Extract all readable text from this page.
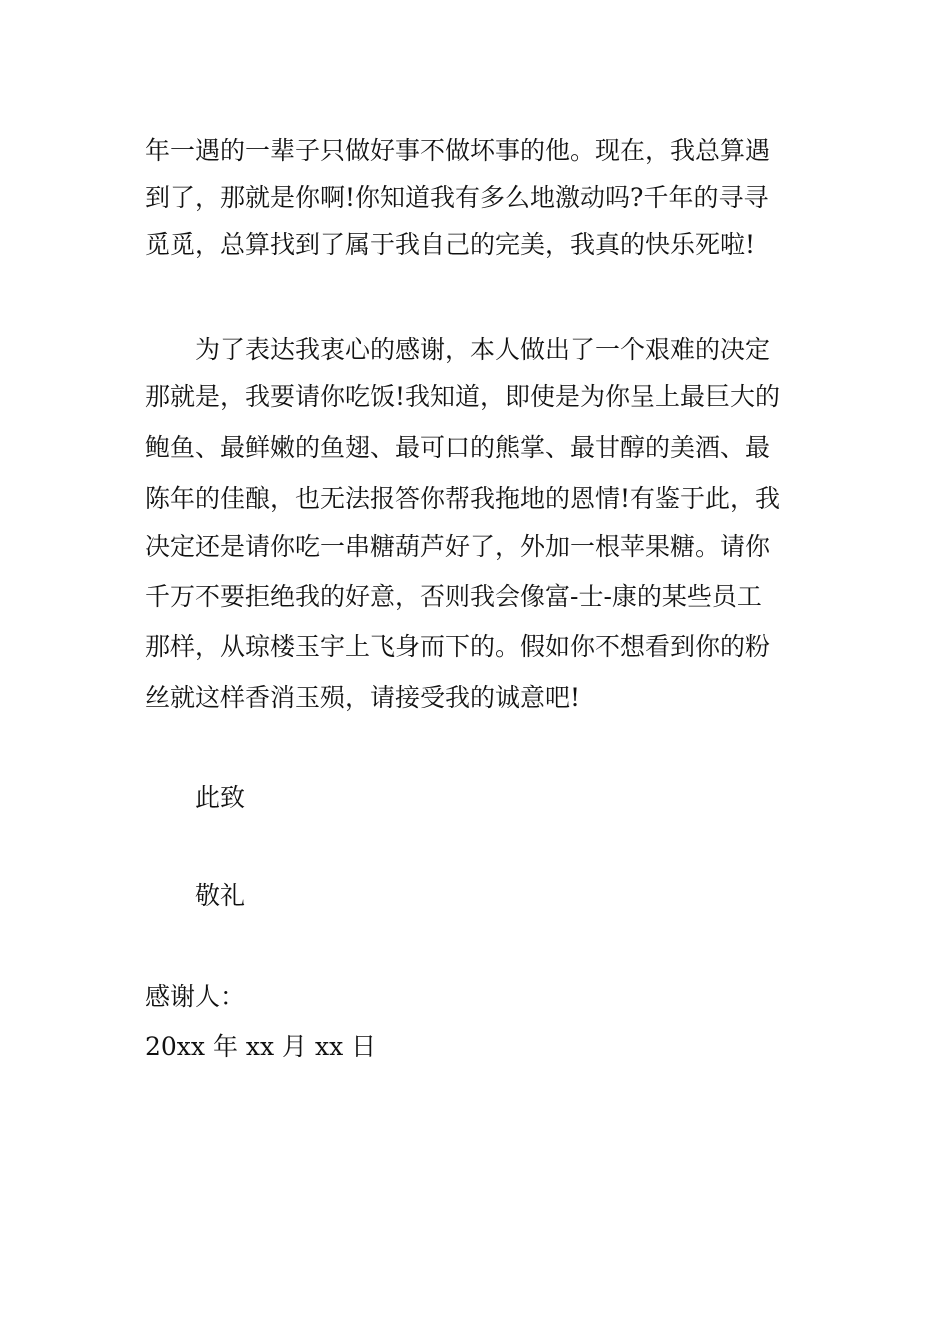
年一遇的一辈子只做好事不做坏事的他。现在，我总算遇
到了，那就是你啊!你知道我有多么地激动吗?千年的寻寻
觅觅，总算找到了属于我自己的完美，我真的快乐死啦!
为了表达我衷心的感谢，本人做出了一个艰难的决定
那就是，我要请你吃饭!我知道，即使是为你呈上最巨大的
鲍鱼、最鲜嫩的鱼翅、最可口的熊掌、最甘醇的美酒、最
陈年的佳酿，也无法报答你帮我拖地的恩情!有鉴于此，我
决定还是请你吃一串糖葫芦好了，外加一根苹果糖。请你
千万不要拒绝我的好意，否则我会像富-士-康的某些员工
那样，从琼楼玉宇上飞身而下的。假如你不想看到你的粉
丝就这样香消玉殒，请接受我的诚意吧!
此致
敬礼
感谢人：
20xx 年 xx 月 xx 日
